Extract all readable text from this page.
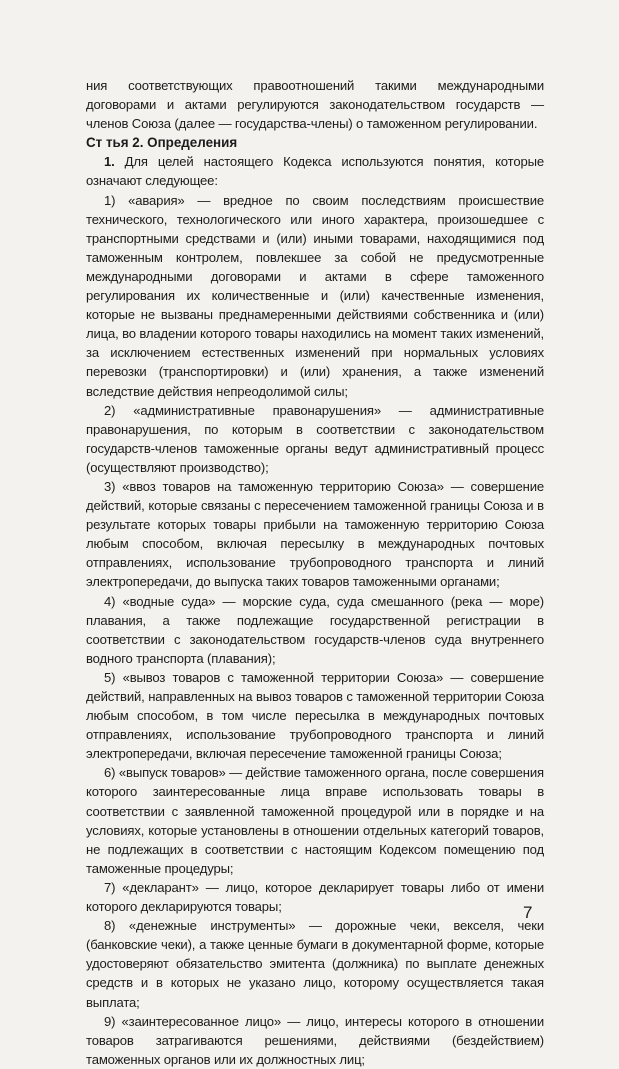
ния соответствующих правоотношений такими международными договорами и актами регулируются законодательством государств — членов Союза (далее — государства-члены) о таможенном регулировании.

Ст тья 2. Определения

1. Для целей настоящего Кодекса используются понятия, которые означают следующее:

1) «авария» — вредное по своим последствиям происшествие технического, технологического или иного характера, произошедшее с транспортными средствами и (или) иными товарами, находящимися под таможенным контролем, повлекшее за собой не предусмотренные международными договорами и актами в сфере таможенного регулирования их количественные и (или) качественные изменения, которые не вызваны преднамеренными действиями собственника и (или) лица, во владении которого товары находились на момент таких изменений, за исключением естественных изменений при нормальных условиях перевозки (транспортировки) и (или) хранения, а также изменений вследствие действия непреодолимой силы;

2) «административные правонарушения» — административные правонарушения, по которым в соответствии с законодательством государств-членов таможенные органы ведут административный процесс (осуществляют производство);

3) «ввоз товаров на таможенную территорию Союза» — совершение действий, которые связаны с пересечением таможенной границы Союза и в результате которых товары прибыли на таможенную территорию Союза любым способом, включая пересылку в международных почтовых отправлениях, использование трубопроводного транспорта и линий электропередачи, до выпуска таких товаров таможенными органами;

4) «водные суда» — морские суда, суда смешанного (река — море) плавания, а также подлежащие государственной регистрации в соответствии с законодательством государств-членов суда внутреннего водного транспорта (плавания);

5) «вывоз товаров с таможенной территории Союза» — совершение действий, направленных на вывоз товаров с таможенной территории Союза любым способом, в том числе пересылка в международных почтовых отправлениях, использование трубопроводного транспорта и линий электропередачи, включая пересечение таможенной границы Союза;

6) «выпуск товаров» — действие таможенного органа, после совершения которого заинтересованные лица вправе использовать товары в соответствии с заявленной таможенной процедурой или в порядке и на условиях, которые установлены в отношении отдельных категорий товаров, не подлежащих в соответствии с настоящим Кодексом помещению под таможенные процедуры;

7) «декларант» — лицо, которое декларирует товары либо от имени которого декларируются товары;

8) «денежные инструменты» — дорожные чеки, векселя, чеки (банковские чеки), а также ценные бумаги в документарной форме, которые удостоверяют обязательство эмитента (должника) по выплате денежных средств и в которых не указано лицо, которому осуществляется такая выплата;

9) «заинтересованное лицо» — лицо, интересы которого в отношении товаров затрагиваются решениями, действиями (бездействием) таможенных органов или их должностных лиц;

7
